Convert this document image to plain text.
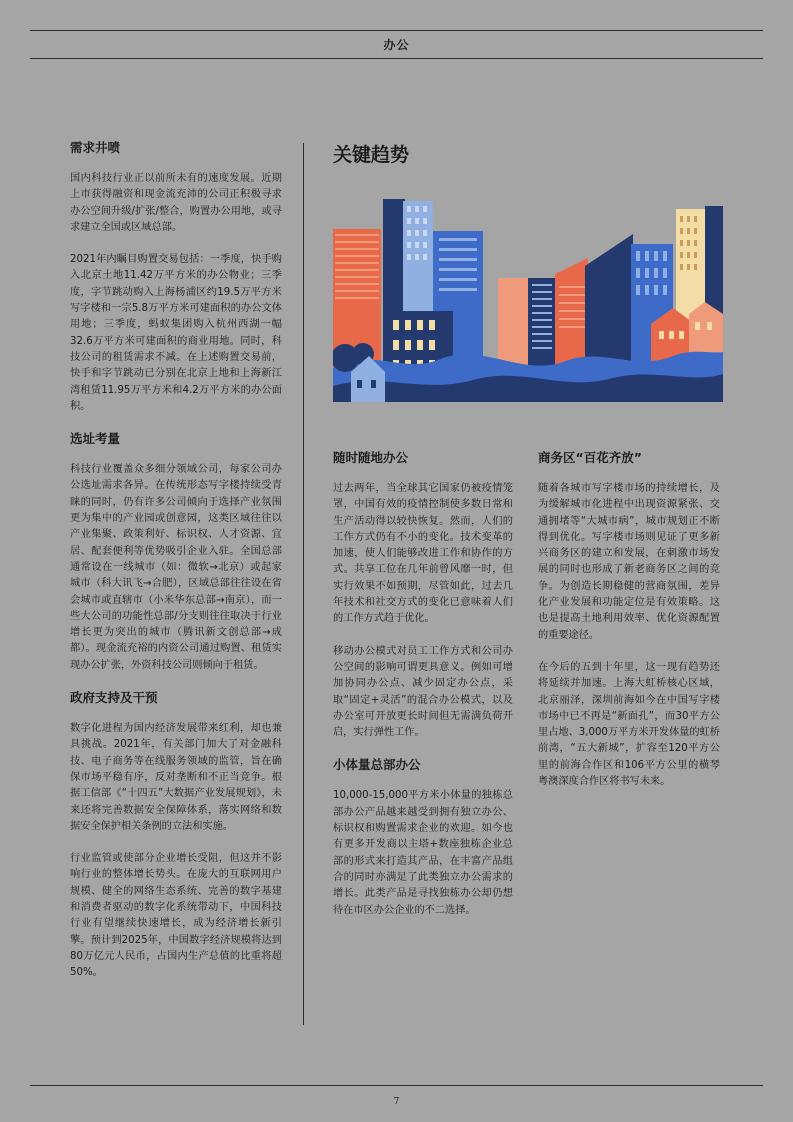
办公
需求井喷

国内科技行业正以前所未有的速度发展。近期上市获得融资和现金流充沛的公司正积极寻求办公空间升级/扩张/整合，购置办公用地，或寻求建立全国或区域总部。

2021年内瞩目购置交易包括：一季度，快手购入北京土地11.42万平方米的办公物业；三季度，字节跳动购入上海杨浦区约19.5万平方米写字楼和一宗5.8万平方米可建面积的办公文体用地；三季度，蚂蚁集团购入杭州西湖一幅32.6万平方米可建面积的商业用地。同时，科技公司的租赁需求不减。在上述购置交易前，快手和字节跳动已分别在北京上地和上海新江湾租赁11.95万平方米和4.2万平方米的办公面积。

选址考量

科技行业覆盖众多细分领域公司，每家公司办公选址需求各异。在传统形态写字楼持续受青睐的同时，仍有许多公司倾向于选择产业氛围更为集中的产业园或创意园，这类区域往往以产业集聚、政策利好、标识权、人才资源、宜居、配套便利等优势吸引企业入驻。全国总部通常设在一线城市（如：微软→北京）或起家城市（科大讯飞→合肥），区域总部往往设在省会城市或直辖市（小米华东总部→南京），而一些大公司的功能性总部/分支则往往取决于行业增长更为突出的城市（腾讯新文创总部→成都）。现金流充裕的内资公司通过购置、租赁实现办公扩张，外资科技公司则倾向于租赁。

政府支持及干预

数字化进程为国内经济发展带来红利，却也兼具挑战。2021年，有关部门加大了对金融科技、电子商务等在线服务领域的监管，旨在确保市场平稳有序，反对垄断和不正当竞争。根据工信部《“十四五”大数据产业发展规划》，未来还将完善数据安全保障体系，落实网络和数据安全保护相关条例的立法和实施。

行业监管或使部分企业增长受阻，但这并不影响行业的整体增长势头。在庞大的互联网用户规模、健全的网络生态系统、完善的数字基建和消费者驱动的数字化系统带动下，中国科技行业有望继续快速增长，成为经济增长新引擎。预计到2025年，中国数字经济规模将达到80万亿元人民币，占国内生产总值的比重将超50%。

关键趋势
随时随地办公

过去两年，当全球其它国家仍被疫情笼罩，中国有效的疫情控制使多数日常和生产活动得以较快恢复。然而，人们的工作方式仍有不小的变化。技术变革的加速，使人们能够改进工作和协作的方式。共享工位在几年前曾风靡一时，但实行效果不如预期，尽管如此，过去几年技术和社交方式的变化已意味着人们的工作方式趋于优化。

移动办公模式对员工工作方式和公司办公空间的影响可谓更具意义。例如可增加协同办公点、减少固定办公点，采取“固定+灵活”的混合办公模式，以及办公室可开放更长时间但无需满负荷开启，实行弹性工作。

小体量总部办公

10,000-15,000平方米小体量的独栋总部办公产品越来越受到拥有独立办公、标识权和购置需求企业的欢迎。如今也有更多开发商以主塔+数座独栋企业总部的形式来打造其产品，在丰富产品组合的同时亦满足了此类独立办公需求的增长。此类产品是寻找独栋办公却仍想待在市区办公企业的不二选择。

商务区“百花齐放”

随着各城市写字楼市场的持续增长，及为缓解城市化进程中出现资源紧张、交通拥堵等“大城市病”，城市规划正不断得到优化。写字楼市场则见证了更多新兴商务区的建立和发展，在刺激市场发展的同时也形成了新老商务区之间的竞争。为创造长期稳健的营商氛围，差异化产业发展和功能定位是有效策略。这也是提高土地利用效率、优化资源配置的重要途径。

在今后的五到十年里，这一现有趋势还将延续并加速。上海大虹桥核心区域，北京丽泽，深圳前海如今在中国写字楼市场中已不再是“新面孔”，而30平方公里占地、3,000万平方米开发体量的虹桥前湾，“五大新城”，扩容至120平方公里的前海合作区和106平方公里的横琴粤澳深度合作区将书写未来。

7
